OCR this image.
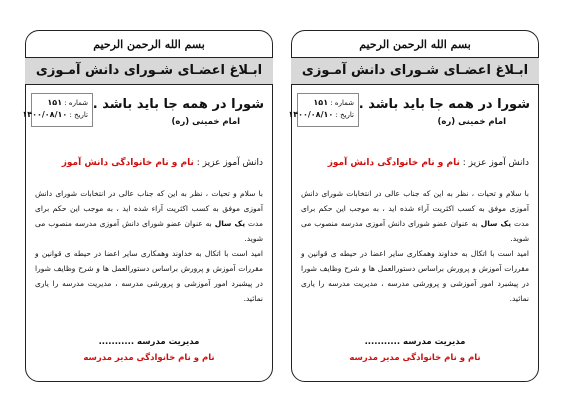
بسم الله الرحمن الرحیم
ابـلاغ اعضـای شـورای دانش آمـوزی
شورا در همه جا باید باشد .
امام خمینی (ره)
شماره : ۱۵۱
تاریخ : ۱۴۰۰/۰۸/۱۰
دانش آموز عزیز : نام و نام خانوادگی دانش آموز

با سلام و تحیات ، نظر به این که جناب عالی در انتخابات شورای دانش آموزی موفق به کسب اکثریت آراء شده اید ، به موجب این حکم برای مدت یک سال به عنوان عضو شورای دانش آموزی مدرسه منصوب می شوید.

امید است با اتکال به خداوند وهمکاری سایر اعضا در حیطه ی قوانین و مقررات آموزش و پرورش براساس دستورالعمل ها و شرح وظایف شورا در پیشبرد امور آموزشی و پرورشی مدرسه ، مدیریت مدرسه را یاری نمائید.

مدیریت مدرسه ...........
نام و نام خانوادگی مدیر مدرسه
بسم الله الرحمن الرحیم
ابـلاغ اعضـای شـورای دانش آمـوزی
شورا در همه جا باید باشد .
امام خمینی (ره)
شماره : ۱۵۱
تاریخ : ۱۴۰۰/۰۸/۱۰
دانش آموز عزیز : نام و نام خانوادگی دانش آموز

با سلام و تحیات ، نظر به این که جناب عالی در انتخابات شورای دانش آموزی موفق به کسب اکثریت آراء شده اید ، به موجب این حکم برای مدت یک سال به عنوان عضو شورای دانش آموزی مدرسه منصوب می شوید.

امید است با اتکال به خداوند وهمکاری سایر اعضا در حیطه ی قوانین و مقررات آموزش و پرورش براساس دستورالعمل ها و شرح وظایف شورا در پیشبرد امور آموزشی و پرورشی مدرسه ، مدیریت مدرسه را یاری نمائید.

مدیریت مدرسه ...........
نام و نام خانوادگی مدیر مدرسه
